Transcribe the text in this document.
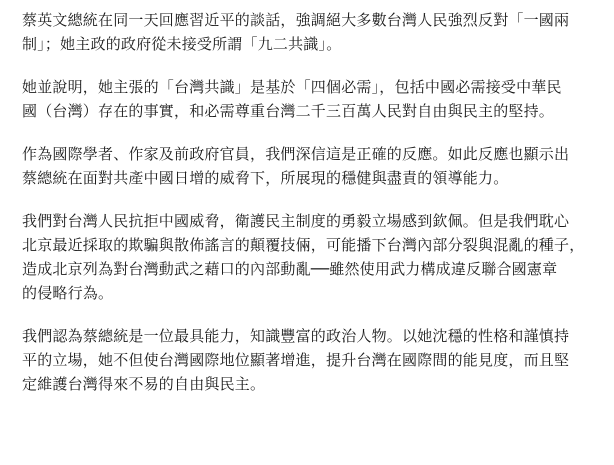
蔡英文總統在同一天回應習近平的談話，強調絕大多數台灣人民強烈反對「一國兩
制」；她主政的政府從未接受所謂「九二共識」。

她並說明，她主張的「台灣共識」是基於「四個必需」，包括中國必需接受中華民
國（台灣）存在的事實，和必需尊重台灣二千三百萬人民對自由與民主的堅持。

作為國際學者、作家及前政府官員，我們深信這是正確的反應。如此反應也顯示出
蔡總統在面對共產中國日增的威脅下，所展現的穩健與盡責的領導能力。

我們對台灣人民抗拒中國威脅，衛護民主制度的勇毅立場感到欽佩。但是我們耽心
北京最近採取的欺騙與散佈謠言的顛覆技倆，可能播下台灣內部分裂與混亂的種子，
造成北京列為對台灣動武之藉口的內部動亂──雖然使用武力構成違反聯合國憲章
的侵略行為。

我們認為蔡總統是一位最具能力，知識豐富的政治人物。以她沈穩的性格和謹慎持
平的立場，她不但使台灣國際地位顯著增進，提升台灣在國際間的能見度，而且堅
定維護台灣得來不易的自由與民主。
